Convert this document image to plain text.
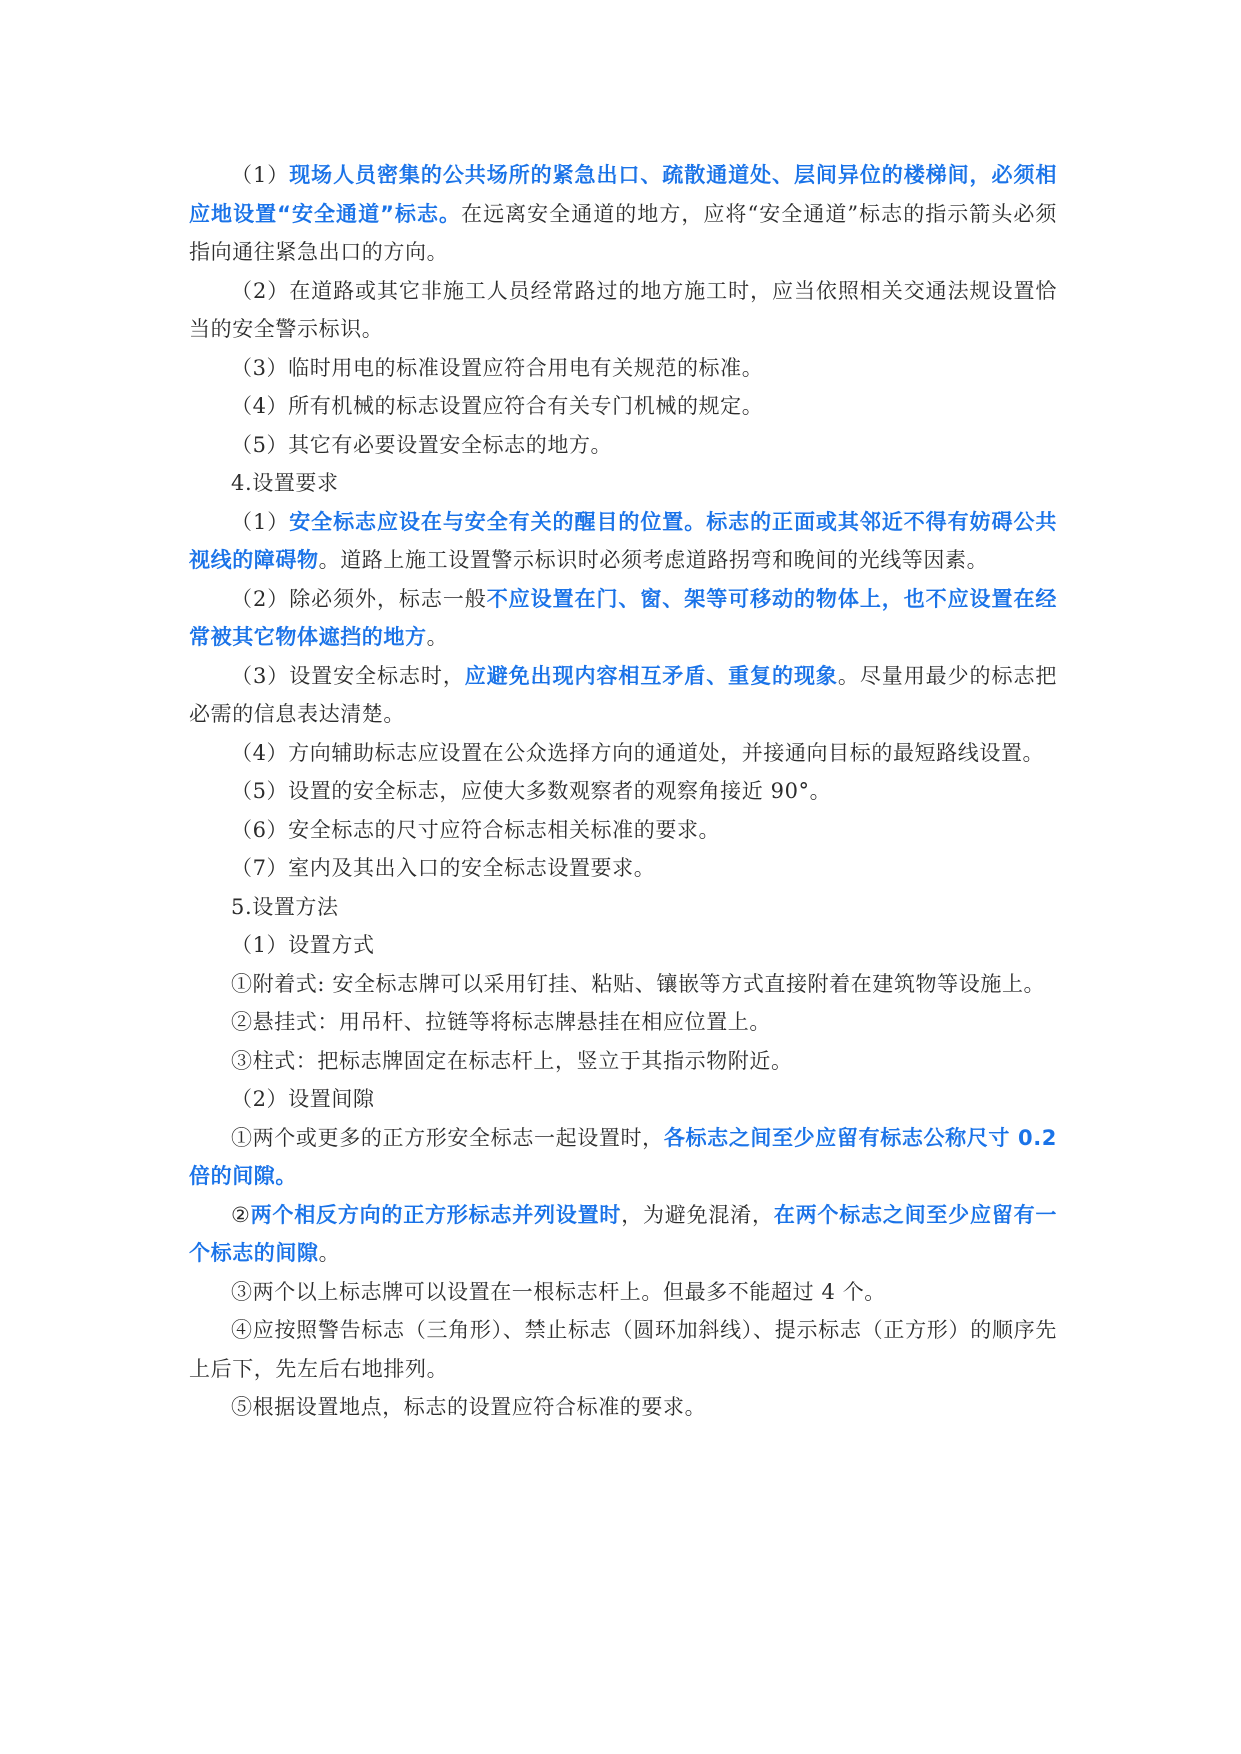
（1）现场人员密集的公共场所的紧急出口、疏散通道处、层间异位的楼梯间，必须相应地设置“安全通道”标志。在远离安全通道的地方，应将“安全通道”标志的指示箭头必须指向通往紧急出口的方向。

（2）在道路或其它非施工人员经常路过的地方施工时，应当依照相关交通法规设置恰当的安全警示标识。

（3）临时用电的标准设置应符合用电有关规范的标准。

（4）所有机械的标志设置应符合有关专门机械的规定。

（5）其它有必要设置安全标志的地方。

4.设置要求

（1）安全标志应设在与安全有关的醒目的位置。标志的正面或其邻近不得有妨碍公共视线的障碍物。道路上施工设置警示标识时必须考虑道路拐弯和晚间的光线等因素。

（2）除必须外，标志一般不应设置在门、窗、架等可移动的物体上，也不应设置在经常被其它物体遮挡的地方。

（3）设置安全标志时，应避免出现内容相互矛盾、重复的现象。尽量用最少的标志把必需的信息表达清楚。

（4）方向辅助标志应设置在公众选择方向的通道处，并接通向目标的最短路线设置。

（5）设置的安全标志，应使大多数观察者的观察角接近 90°。

（6）安全标志的尺寸应符合标志相关标准的要求。

（7）室内及其出入口的安全标志设置要求。

5.设置方法

（1）设置方式

①附着式: 安全标志牌可以采用钉挂、粘贴、镶嵌等方式直接附着在建筑物等设施上。

②悬挂式：用吊杆、拉链等将标志牌悬挂在相应位置上。

③柱式：把标志牌固定在标志杆上，竖立于其指示物附近。

（2）设置间隙

①两个或更多的正方形安全标志一起设置时，各标志之间至少应留有标志公称尺寸 0.2 倍的间隙。

②两个相反方向的正方形标志并列设置时，为避免混淆，在两个标志之间至少应留有一个标志的间隙。

③两个以上标志牌可以设置在一根标志杆上。但最多不能超过 4 个。

④应按照警告标志（三角形）、禁止标志（圆环加斜线）、提示标志（正方形）的顺序先上后下，先左后右地排列。

⑤根据设置地点，标志的设置应符合标准的要求。
